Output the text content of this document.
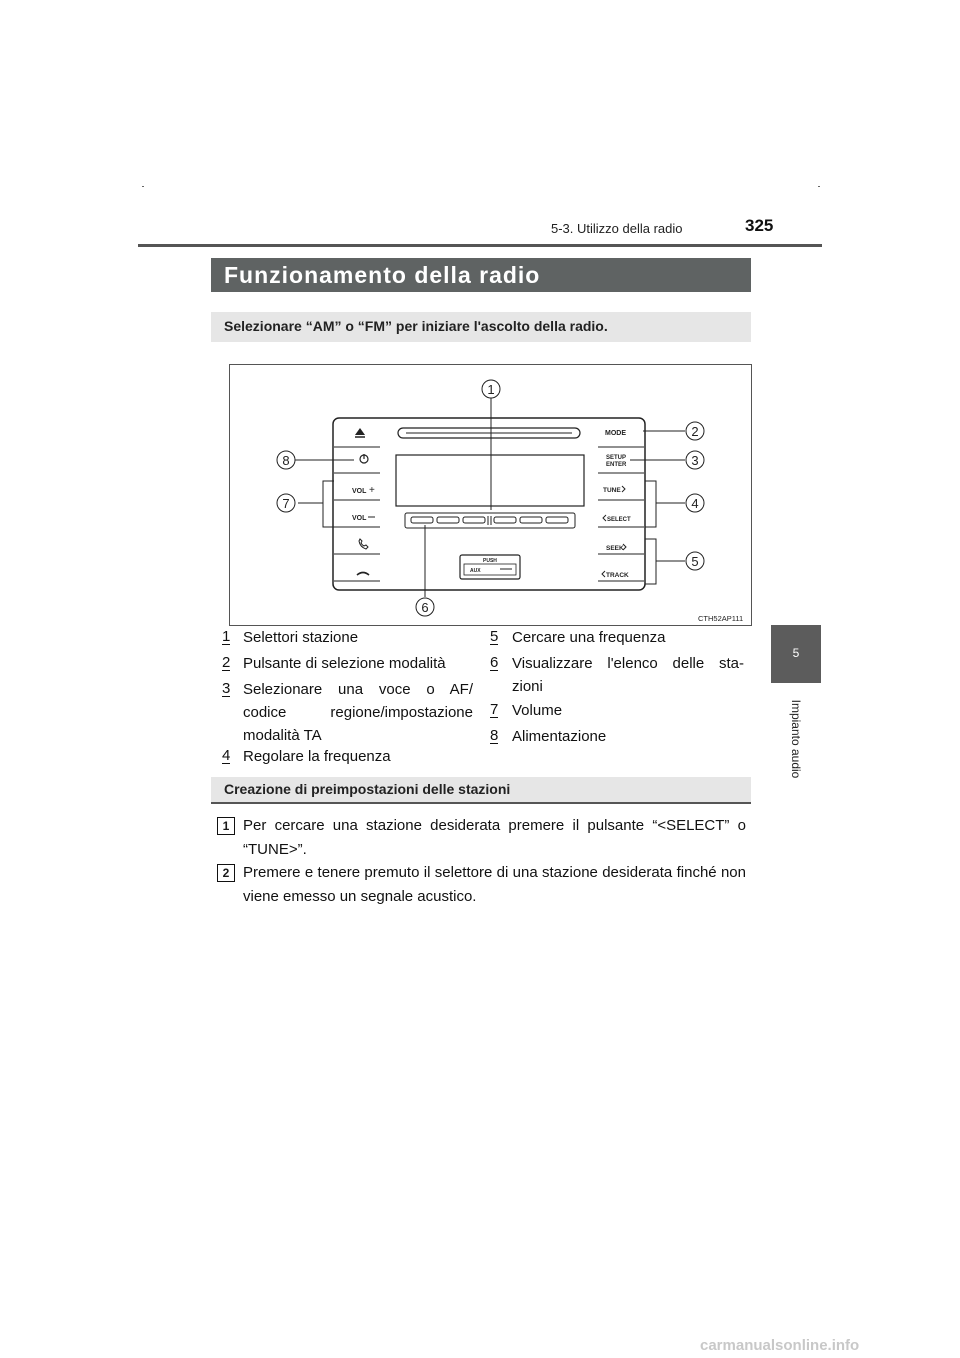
5-3. Utilizzo della radio	325
5
Impianto audio
Funzionamento della radio
Selezionare “AM” o “FM” per iniziare l'ascolto della radio.
VOL +
VOL
MODE
SETUP
ENTER
TUNE
SELECT
SEEK
TRACK
PUSH
AUX
1
2
3
4
5
6
7
8
CTH52AP111
1 Selettori stazione
2 Pulsante di selezione modalità
3 Selezionare una voce o AF/ codice regione/impostazione modalità TA
4 Regolare la frequenza
5 Cercare una frequenza
6 Visualizzare l'elenco delle sta- zioni
7 Volume
8 Alimentazione
Creazione di preimpostazioni delle stazioni
1 Per cercare una stazione desiderata premere il pulsante “<SELECT” o “TUNE>”.
2 Premere e tenere premuto il selettore di una stazione desiderata finché non viene emesso un segnale acustico.
carmanualsonline.info
